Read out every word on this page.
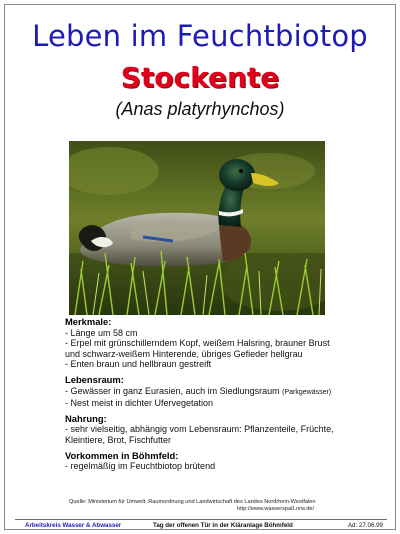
Leben im Feuchtbiotop
Stockente
(Anas platyrhynchos)
Merkmale:
- Länge um 58 cm
- Erpel mit grünschillerndem Kopf, weißem Halsring, brauner Brust
und schwarz-weißem Hinterende, übriges Gefieder hellgrau
- Enten braun und hellbraun gestreift
Lebensraum:
- Gewässer in ganz Eurasien, auch im Siedlungsraum (Parkgewässer)
- Nest meist in dichter Ufervegetation
Nahrung:
- sehr vielseitig, abhängig vom Lebensraum: Pflanzenteile, Früchte,
Kleintiere, Brot, Fischfutter
Vorkommen in Böhmfeld:
- regelmäßig im Feuchtbiotop brütend
Quelle: Ministerium für Umwelt, Raumordnung und Landwirtschaft des Landes Nordrhein-Westfalen
http://www.wasserspaß.nrw.de/
Arbeitskreis Wasser & Abwasser	Tag der offenen Tür in der Kläranlage Böhmfeld	Ad: 27.06.99
